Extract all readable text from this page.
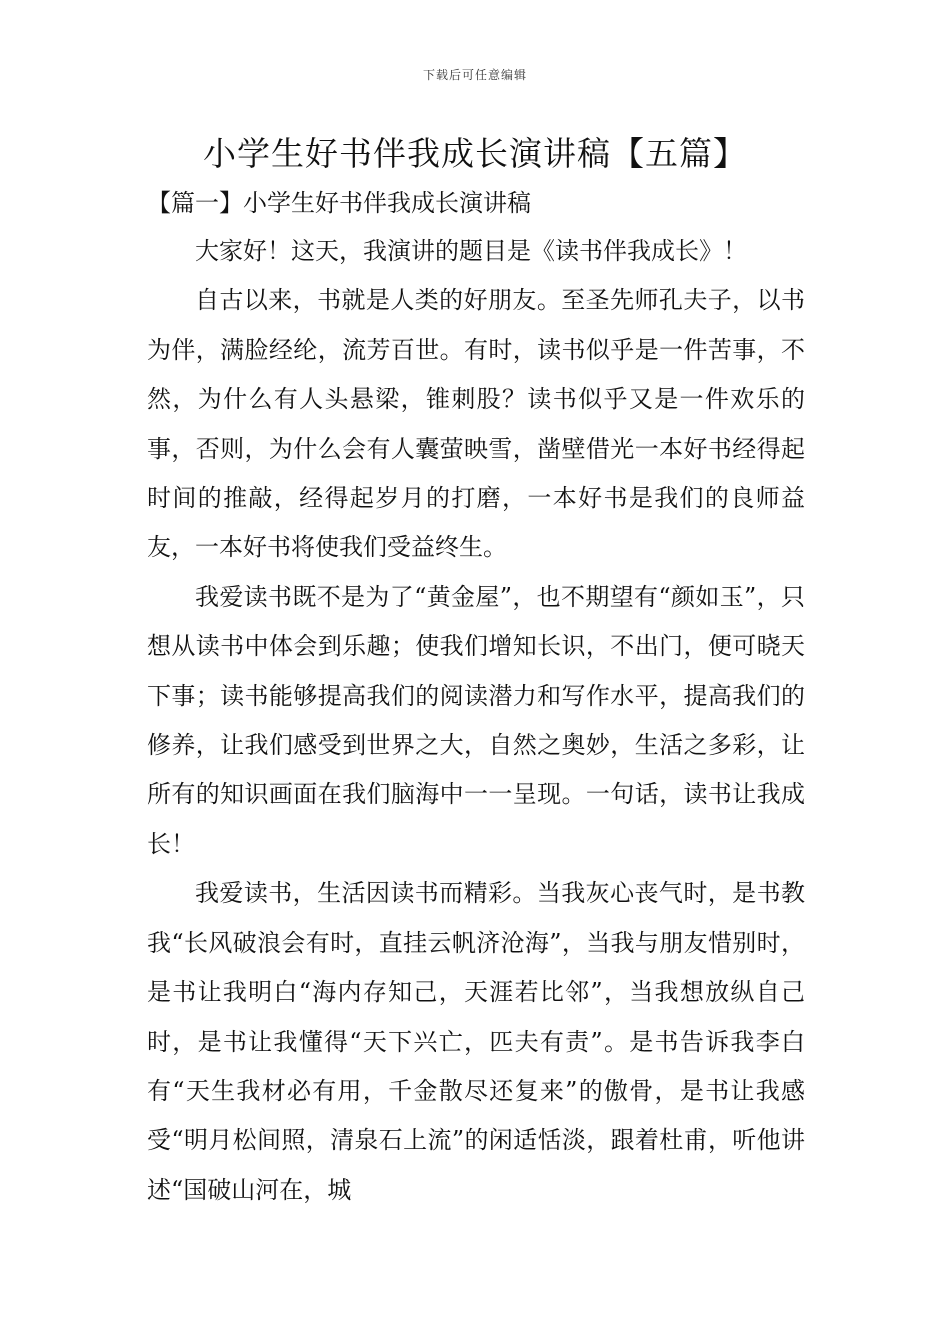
下载后可任意编辑
小学生好书伴我成长演讲稿【五篇】
【篇一】小学生好书伴我成长演讲稿

大家好！这天，我演讲的题目是《读书伴我成长》！

自古以来，书就是人类的好朋友。至圣先师孔夫子，以书为伴，满脸经纶，流芳百世。有时，读书似乎是一件苦事，不然，为什么有人头悬梁，锥刺股？读书似乎又是一件欢乐的事，否则，为什么会有人囊萤映雪，凿壁借光一本好书经得起时间的推敲，经得起岁月的打磨，一本好书是我们的良师益友，一本好书将使我们受益终生。

我爱读书既不是为了“黄金屋”，也不期望有“颜如玉”，只想从读书中体会到乐趣；使我们增知长识，不出门，便可晓天下事；读书能够提高我们的阅读潜力和写作水平，提高我们的修养，让我们感受到世界之大，自然之奥妙，生活之多彩，让所有的知识画面在我们脑海中一一呈现。一句话，读书让我成长！

我爱读书，生活因读书而精彩。当我灰心丧气时，是书教我“长风破浪会有时，直挂云帆济沧海”，当我与朋友惜别时，是书让我明白“海内存知己，天涯若比邻”，当我想放纵自己时，是书让我懂得“天下兴亡，匹夫有责”。是书告诉我李白有“天生我材必有用，千金散尽还复来”的傲骨，是书让我感受“明月松间照，清泉石上流”的闲适恬淡，跟着杜甫，听他讲述“国破山河在，城
